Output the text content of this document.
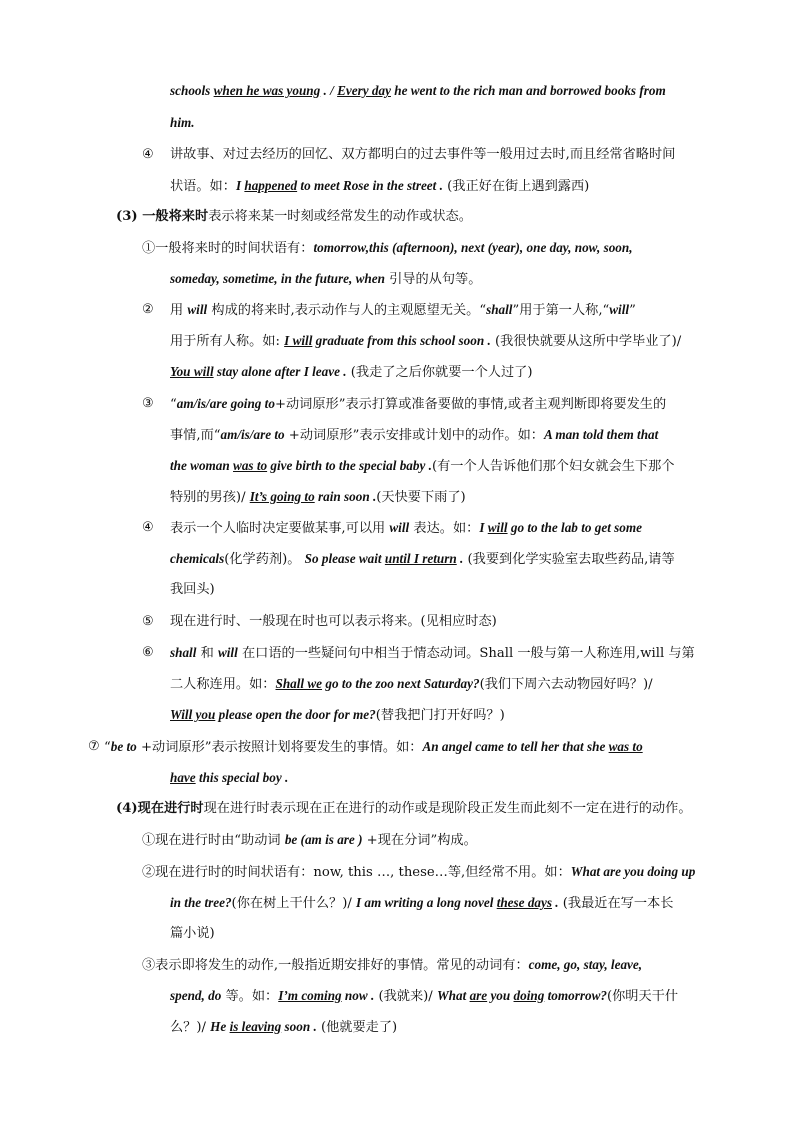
schools when he was young . / Every day he went to the rich man and borrowed books from
him.
④ 讲故事、对过去经历的回忆、双方都明白的过去事件等一般用过去时,而且经常省略时间
状语。如：I happened to meet Rose in the street . (我正好在街上遇到露西)
(3) 一般将来时表示将来某一时刻或经常发生的动作或状态。
①一般将来时的时间状语有：tomorrow,this (afternoon), next (year), one day, now, soon,
someday, sometime, in the future, when 引导的从句等。
② 用 will 构成的将来时,表示动作与人的主观愿望无关。“shall”用于第一人称,“will”
用于所有人称。如: I will graduate from this school soon . (我很快就要从这所中学毕业了)/
You will stay alone after I leave . (我走了之后你就要一个人过了)
③ “am/is/are going to+动词原形”表示打算或准备要做的事情,或者主观判断即将要发生的
事情,而“am/is/are to +动词原形”表示安排或计划中的动作。如：A man told them that
the woman was to give birth to the special baby .(有一个人告诉他们那个妇女就会生下那个
特别的男孩)/ It’s going to rain soon .(天快要下雨了)
④ 表示一个人临时决定要做某事,可以用 will 表达。如：I will go to the lab to get some
chemicals(化学药剂)。 So please wait until I return . (我要到化学实验室去取些药品,请等
我回头)
⑤ 现在进行时、一般现在时也可以表示将来。(见相应时态)
⑥ shall 和 will 在口语的一些疑问句中相当于情态动词。Shall 一般与第一人称连用,will 与第
二人称连用。如：Shall we go to the zoo next Saturday?(我们下周六去动物园好吗？)/
Will you please open the door for me?(替我把门打开好吗？)
⑦ “be to +动词原形”表示按照计划将要发生的事情。如：An angel came to tell her that she was to
have this special boy .
(4)现在进行时现在进行时表示现在正在进行的动作或是现阶段正发生而此刻不一定在进行的动作。
①现在进行时由“助动词 be (am is are ) +现在分词”构成。
②现在进行时的时间状语有：now, this …, these…等,但经常不用。如：What are you doing up
in the tree?(你在树上干什么？)/ I am writing a long novel these days . (我最近在写一本长
篇小说)
③表示即将发生的动作,一般指近期安排好的事情。常见的动词有：come, go, stay, leave,
spend, do 等。如：I’m coming now . (我就来)/ What are you doing tomorrow?(你明天干什
么？)/ He is leaving soon . (他就要走了)
